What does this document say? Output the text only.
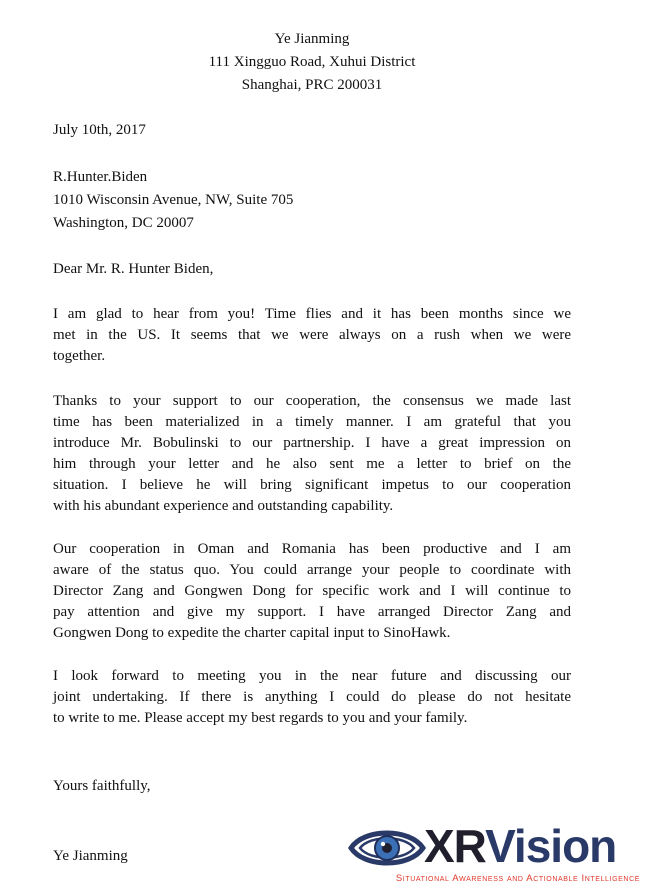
Ye Jianming
111 Xingguo Road, Xuhui District
Shanghai, PRC 200031
July 10th, 2017
R.Hunter.Biden
1010 Wisconsin Avenue, NW, Suite 705
Washington, DC 20007
Dear Mr. R. Hunter Biden,
I am glad to hear from you! Time flies and it has been months since we
met in the US. It seems that we were always on a rush when we were
together.
Thanks to your support to our cooperation, the consensus we made last
time has been materialized in a timely manner. I am grateful that you
introduce Mr. Bobulinski to our partnership. I have a great impression on
him through your letter and he also sent me a letter to brief on the
situation. I believe he will bring significant impetus to our cooperation
with his abundant experience and outstanding capability.
Our cooperation in Oman and Romania has been productive and I am
aware of the status quo. You could arrange your people to coordinate with
Director Zang and Gongwen Dong for specific work and I will continue to
pay attention and give my support. I have arranged Director Zang and
Gongwen Dong to expedite the charter capital input to SinoHawk.
I look forward to meeting you in the near future and discussing our
joint undertaking. If there is anything I could do please do not hesitate
to write to me. Please accept my best regards to you and your family.
Yours faithfully,
Ye Jianming	XRVision
Situational Awareness and Actionable Intelligence
